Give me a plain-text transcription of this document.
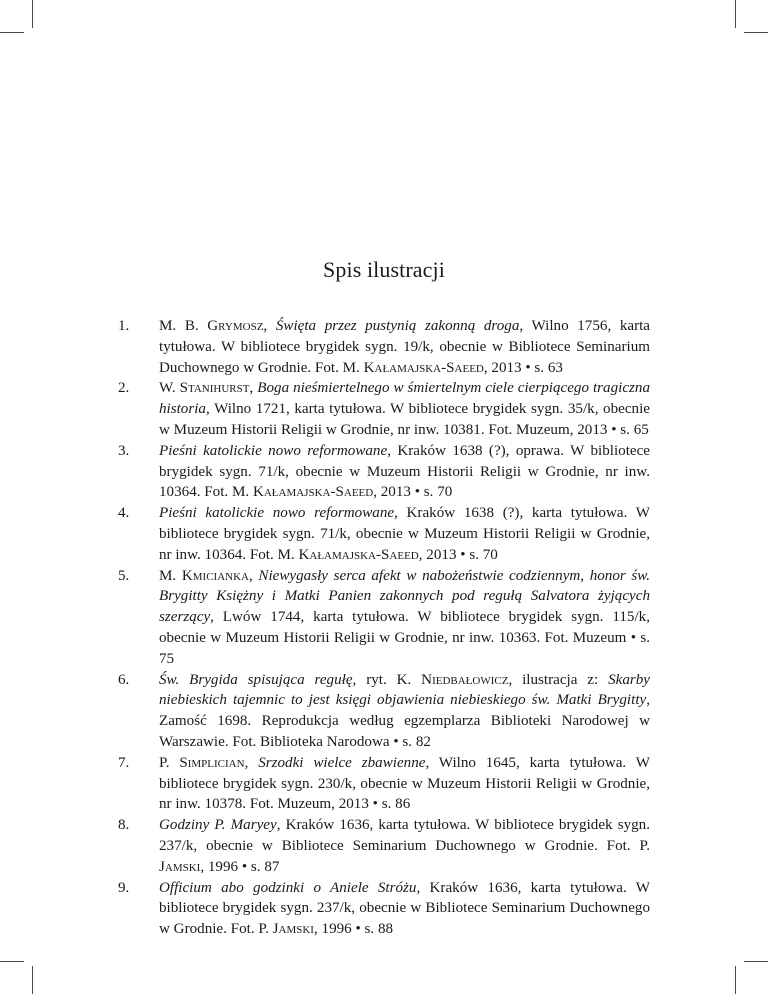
Spis ilustracji
1. M. B. Grymosz, Święta przez pustynią zakonną droga, Wilno 1756, karta tytułowa. W bibliotece brygidek sygn. 19/k, obecnie w Bibliotece Seminarium Duchownego w Grodnie. Fot. M. Kałamajska-Saeed, 2013 • s. 63
2. W. Stanihurst, Boga nieśmiertelnego w śmiertelnym ciele cierpiącego tragiczna historia, Wilno 1721, karta tytułowa. W bibliotece brygidek sygn. 35/k, obecnie w Muzeum Historii Religii w Grodnie, nr inw. 10381. Fot. Muzeum, 2013 • s. 65
3. Pieśni katolickie nowo reformowane, Kraków 1638 (?), oprawa. W bibliotece brygidek sygn. 71/k, obecnie w Muzeum Historii Religii w Grodnie, nr inw. 10364. Fot. M. Kałamajska-Saeed, 2013 • s. 70
4. Pieśni katolickie nowo reformowane, Kraków 1638 (?), karta tytułowa. W bibliotece brygidek sygn. 71/k, obecnie w Muzeum Historii Religii w Grodnie, nr inw. 10364. Fot. M. Kałamajska-Saeed, 2013 • s. 70
5. M. Kmicianka, Niewygasły serca afekt w nabożeństwie codziennym, honor św. Brygitty Księżny i Matki Panien zakonnych pod regułą Salvatora żyjących szerzący, Lwów 1744, karta tytułowa. W bibliotece brygidek sygn. 115/k, obecnie w Muzeum Historii Religii w Grodnie, nr inw. 10363. Fot. Muzeum • s. 75
6. Św. Brygida spisująca regułę, ryt. K. Niedbałowicz, ilustracja z: Skarby niebieskich tajemnic to jest księgi objawienia niebieskiego św. Matki Brygitty, Zamość 1698. Reprodukcja według egzemplarza Biblioteki Narodowej w Warszawie. Fot. Biblioteka Narodowa • s. 82
7. P. Simplician, Srzodki wielce zbawienne, Wilno 1645, karta tytułowa. W bibliotece brygidek sygn. 230/k, obecnie w Muzeum Historii Religii w Grodnie, nr inw. 10378. Fot. Muzeum, 2013 • s. 86
8. Godziny P. Maryey, Kraków 1636, karta tytułowa. W bibliotece brygidek sygn. 237/k, obecnie w Bibliotece Seminarium Duchownego w Grodnie. Fot. P. Jamski, 1996 • s. 87
9. Officium abo godzinki o Aniele Stróżu, Kraków 1636, karta tytułowa. W bibliotece brygidek sygn. 237/k, obecnie w Bibliotece Seminarium Duchownego w Grodnie. Fot. P. Jamski, 1996 • s. 88
